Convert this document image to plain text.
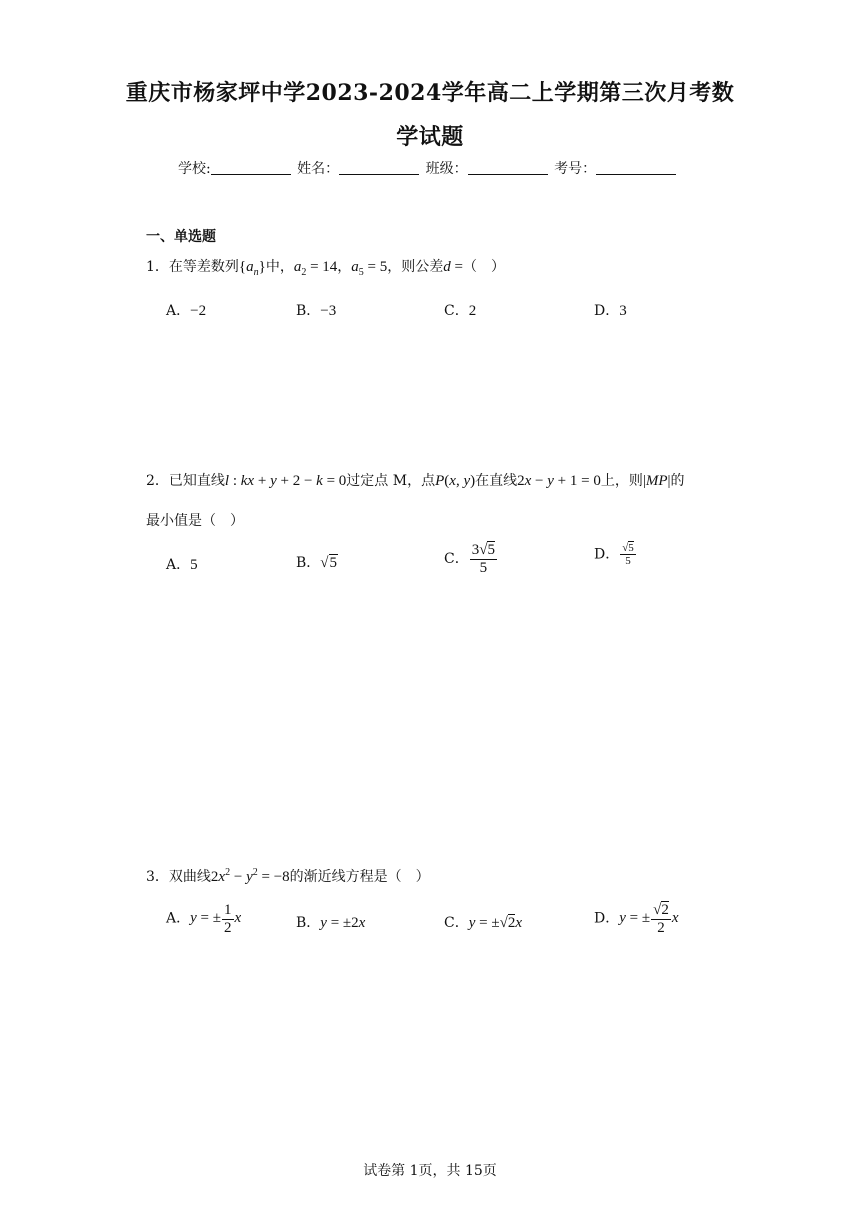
重庆市杨家坪中学2023-2024学年高二上学期第三次月考数
学试题
学校:	姓名：	班级：	考号：
一、单选题
1．在等差数列$\{a_n\}$中，$a_2 = 14$，$a_5 = 5$，则公差d =（　）
A．−2	B．−3	C．2	D．3
2．已知直线l : kx + y + 2 − k = 0过定点 M，点P(x, y)在直线2x − y + 1 = 0上，则|MP|的
最小值是（　）
A．5	B．√5	C． $\frac{3√5}{5}$	D． $\frac{√5}{5}$
3．双曲线$2x^2 - y^2 = -8$的渐近线方程是（　）
A．y = ± $\frac{1}{2}$ x	B．y = ±2x	C．y = ±√2x	D．y = ± $\frac{√2}{2}$ x
试卷第 1页，共 15页
